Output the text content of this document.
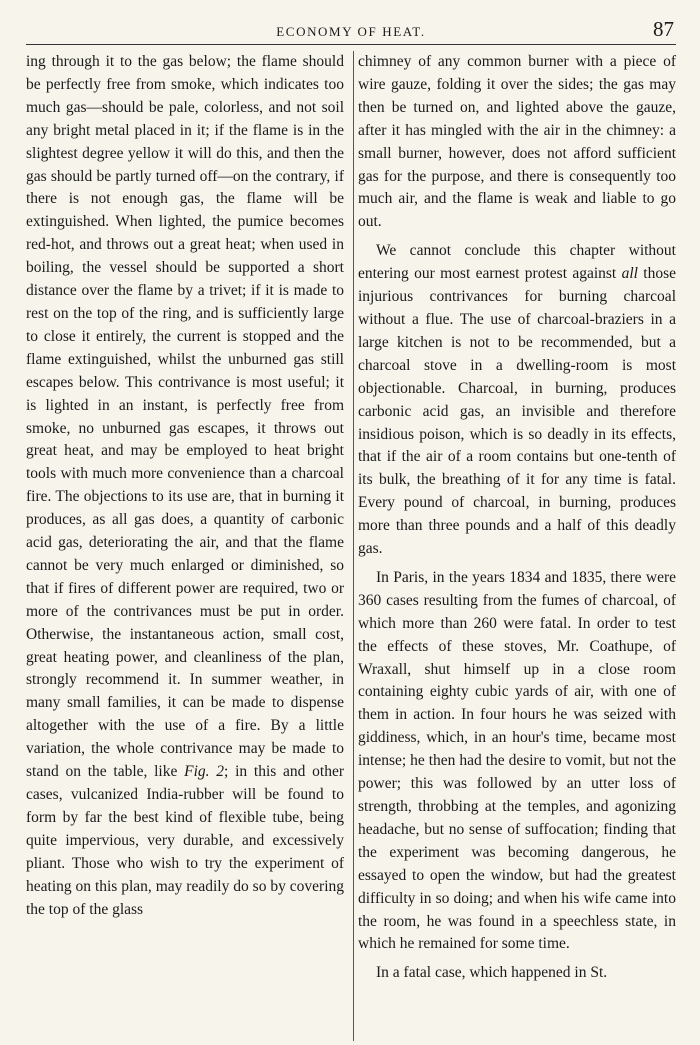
ECONOMY OF HEAT.	87

ing through it to the gas below; the flame should be perfectly free from smoke, which indicates too much gas—should be pale, colorless, and not soil any bright metal placed in it; if the flame is in the slightest degree yellow it will do this, and then the gas should be partly turned off—on the contrary, if there is not enough gas, the flame will be extinguished. When lighted, the pumice becomes red-hot, and throws out a great heat; when used in boiling, the vessel should be supported a short distance over the flame by a trivet; if it is made to rest on the top of the ring, and is sufficiently large to close it entirely, the current is stopped and the flame extinguished, whilst the unburned gas still escapes below. This contrivance is most useful; it is lighted in an instant, is perfectly free from smoke, no unburned gas escapes, it throws out great heat, and may be employed to heat bright tools with much more convenience than a charcoal fire. The objections to its use are, that in burning it produces, as all gas does, a quantity of carbonic acid gas, deteriorating the air, and that the flame cannot be very much enlarged or diminished, so that if fires of different power are required, two or more of the contrivances must be put in order. Otherwise, the instantaneous action, small cost, great heating power, and cleanliness of the plan, strongly recommend it. In summer weather, in many small families, it can be made to dispense altogether with the use of a fire. By a little variation, the whole contrivance may be made to stand on the table, like Fig. 2; in this and other cases, vulcanized India-rubber will be found to form by far the best kind of flexible tube, being quite impervious, very durable, and excessively pliant. Those who wish to try the experiment of heating on this plan, may readily do so by covering the top of the glass

chimney of any common burner with a piece of wire gauze, folding it over the sides; the gas may then be turned on, and lighted above the gauze, after it has mingled with the air in the chimney: a small burner, however, does not afford sufficient gas for the purpose, and there is consequently too much air, and the flame is weak and liable to go out.

We cannot conclude this chapter without entering our most earnest protest against all those injurious contrivances for burning charcoal without a flue. The use of charcoal-braziers in a large kitchen is not to be recommended, but a charcoal stove in a dwelling-room is most objectionable. Charcoal, in burning, produces carbonic acid gas, an invisible and therefore insidious poison, which is so deadly in its effects, that if the air of a room contains but one-tenth of its bulk, the breathing of it for any time is fatal. Every pound of charcoal, in burning, produces more than three pounds and a half of this deadly gas.

In Paris, in the years 1834 and 1835, there were 360 cases resulting from the fumes of charcoal, of which more than 260 were fatal. In order to test the effects of these stoves, Mr. Coathupe, of Wraxall, shut himself up in a close room containing eighty cubic yards of air, with one of them in action. In four hours he was seized with giddiness, which, in an hour's time, became most intense; he then had the desire to vomit, but not the power; this was followed by an utter loss of strength, throbbing at the temples, and agonizing headache, but no sense of suffocation; finding that the experiment was becoming dangerous, he essayed to open the window, but had the greatest difficulty in so doing; and when his wife came into the room, he was found in a speechless state, in which he remained for some time.

In a fatal case, which happened in St.
